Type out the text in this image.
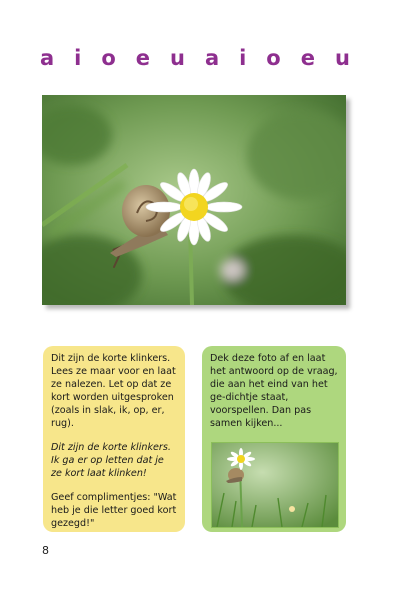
a i o e u a i o e u

Dit zijn de korte klinkers. Lees ze maar voor en laat ze nalezen. Let op dat ze kort worden uitgesproken (zoals in slak, ik, op, er, rug).

Dit zijn de korte klinkers. Ik ga er op letten dat je ze kort laat klinken!

Geef complimentjes: "Wat heb je die letter goed kort gezegd!"

Dek deze foto af en laat het antwoord op de vraag, die aan het eind van het ge-dichtje staat, voorspellen. Dan pas samen kijken...

8
